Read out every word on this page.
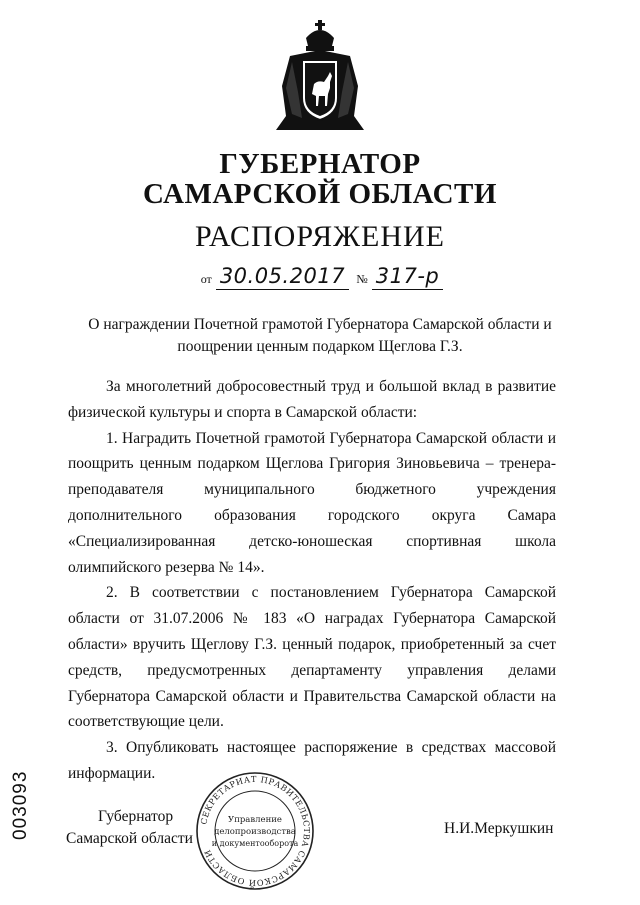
ГУБЕРНАТОР
САМАРСКОЙ ОБЛАСТИ
РАСПОРЯЖЕНИЕ
от 30.05.2017 № 317-р
О награждении Почетной грамотой Губернатора Самарской области и
поощрении ценным подарком Щеглова Г.З.

За многолетний добросовестный труд и большой вклад в развитие физической культуры и спорта в Самарской области:

1. Наградить Почетной грамотой Губернатора Самарской области и поощрить ценным подарком Щеглова Григория Зиновьевича – тренера-преподавателя муниципального бюджетного учреждения дополнительного образования городского округа Самара «Специализированная детско-юношеская спортивная школа олимпийского резерва № 14».

2. В соответствии с постановлением Губернатора Самарской области от 31.07.2006 № 183 «О наградах Губернатора Самарской области» вручить Щеглову Г.З. ценный подарок, приобретенный за счет средств, предусмотренных департаменту управления делами Губернатора Самарской области и Правительства Самарской области на соответствующие цели.

3. Опубликовать настоящее распоряжение в средствах массовой информации.

Губернатор
Самарской области
Н.И.Меркушкин
СЕКРЕТАРИАТ ПРАВИТЕЛЬСТВА САМАРСКОЙ ОБЛАСТИ
Управление
делопроизводства
и документооборота
003093
